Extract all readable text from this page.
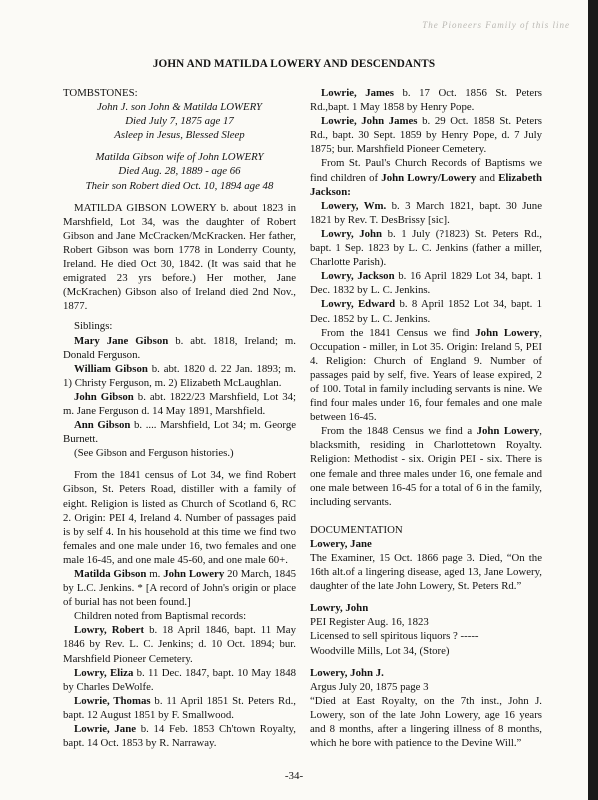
The Pioneers Family of this line
JOHN AND MATILDA LOWERY AND DESCENDANTS

TOMBSTONES:

John J. son John & Matilda LOWERY

Died July 7, 1875 age 17

Asleep in Jesus, Blessed Sleep

Matilda Gibson wife of John LOWERY

Died Aug. 28, 1889 - age 66

Their son Robert died Oct. 10, 1894 age 48

MATILDA GIBSON LOWERY b. about 1823 in Marshfield, Lot 34, was the daughter of Robert Gibson and Jane McCracken/McKracken. Her father, Robert Gibson was born 1778 in Londerry County, Ireland. He died Oct 30, 1842. (It was said that he emigrated 23 yrs before.) Her mother, Jane (McKrachen) Gibson also of Ireland died 2nd Nov., 1877.

Siblings:

Mary Jane Gibson b. abt. 1818, Ireland; m. Donald Ferguson.

William Gibson b. abt. 1820 d. 22 Jan. 1893; m. 1) Christy Ferguson, m. 2) Elizabeth McLaughlan.

John Gibson b. abt. 1822/23 Marshfield, Lot 34; m. Jane Ferguson d. 14 May 1891, Marshfield.

Ann Gibson b. .... Marshfield, Lot 34; m. George Burnett.

(See Gibson and Ferguson histories.)

From the 1841 census of Lot 34, we find Robert Gibson, St. Peters Road, distiller with a family of eight. Religion is listed as Church of Scotland 6, RC 2. Origin: PEI 4, Ireland 4. Number of passages paid is by self 4. In his household at this time we find two females and one male under 16, two females and one male 16-45, and one male 45-60, and one male 60+.

Matilda Gibson m. John Lowery 20 March, 1845 by L.C. Jenkins. * [A record of John's origin or place of burial has not been found.]

Children noted from Baptismal records:

Lowry, Robert b. 18 April 1846, bapt. 11 May 1846 by Rev. L. C. Jenkins; d. 10 Oct. 1894; bur. Marshfield Pioneer Cemetery.

Lowry, Eliza b. 11 Dec. 1847, bapt. 10 May 1848 by Charles DeWolfe.

Lowrie, Thomas b. 11 April 1851 St. Peters Rd., bapt. 12 August 1851 by F. Smallwood.

Lowrie, Jane b. 14 Feb. 1853 Ch'town Royalty, bapt. 14 Oct. 1853 by R. Narraway.

Lowrie, James b. 17 Oct. 1856 St. Peters Rd.,bapt. 1 May 1858 by Henry Pope.

Lowrie, John James b. 29 Oct. 1858 St. Peters Rd., bapt. 30 Sept. 1859 by Henry Pope, d. 7 July 1875; bur. Marshfield Pioneer Cemetery.

From St. Paul's Church Records of Baptisms we find children of John Lowry/Lowery and Elizabeth Jackson:

Lowery, Wm. b. 3 March 1821, bapt. 30 June 1821 by Rev. T. DesBrissy [sic].

Lowry, John b. 1 July (?1823) St. Peters Rd., bapt. 1 Sep. 1823 by L. C. Jenkins (father a miller, Charlotte Parish).

Lowry, Jackson b. 16 April 1829 Lot 34, bapt. 1 Dec. 1832 by L. C. Jenkins.

Lowry, Edward b. 8 April 1852 Lot 34, bapt. 1 Dec. 1852 by L. C. Jenkins.

From the 1841 Census we find John Lowery, Occupation - miller, in Lot 35. Origin: Ireland 5, PEI 4. Religion: Church of England 9. Number of passages paid by self, five. Years of lease expired, 2 of 100. Total in family including servants is nine. We find four males under 16, four females and one male between 16-45.

From the 1848 Census we find a John Lowery, blacksmith, residing in Charlottetown Royalty. Religion: Methodist - six. Origin PEI - six. There is one female and three males under 16, one female and one male between 16-45 for a total of 6 in the family, including servants.

DOCUMENTATION

Lowery, Jane

The Examiner, 15 Oct. 1866 page 3. Died, “On the 16th alt.of a lingering disease, aged 13, Jane Lowery, daughter of the late John Lowery, St. Peters Rd.”

Lowry, John

PEI Register Aug. 16, 1823

Licensed to sell spiritous liquors ? -----

Woodville Mills, Lot 34, (Store)

Lowery, John J.

Argus July 20, 1875 page 3

“Died at East Royalty, on the 7th inst., John J. Lowery, son of the late John Lowery, age 16 years and 8 months, after a lingering illness of 8 months, which he bore with patience to the Devine Will.”

-34-
